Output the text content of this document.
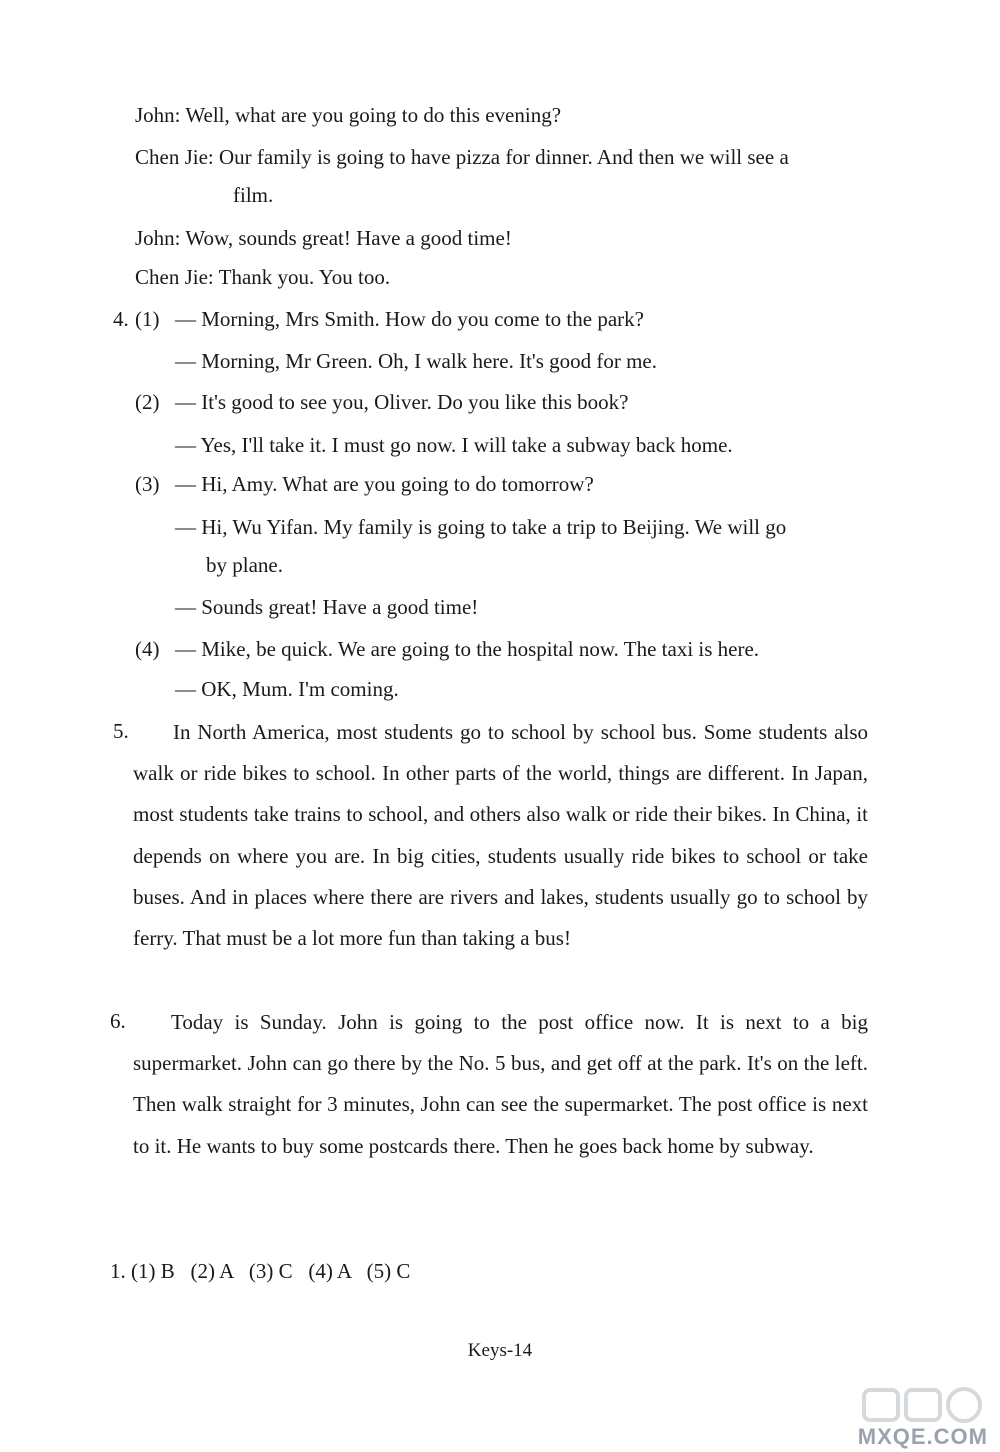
John: Well, what are you going to do this evening?
Chen Jie: Our family is going to have pizza for dinner. And then we will see a
film.
John: Wow, sounds great! Have a good time!
Chen Jie: Thank you. You too.
4. (1) — Morning, Mrs Smith. How do you come to the park?
— Morning, Mr Green. Oh, I walk here. It's good for me.
(2) — It's good to see you, Oliver. Do you like this book?
— Yes, I'll take it. I must go now. I will take a subway back home.
(3) — Hi, Amy. What are you going to do tomorrow?
— Hi, Wu Yifan. My family is going to take a trip to Beijing. We will go
by plane.
— Sounds great! Have a good time!
(4) — Mike, be quick. We are going to the hospital now. The taxi is here.
— OK, Mum. I'm coming.
5.	In North America, most students go to school by school bus. Some students also walk or ride bikes to school. In other parts of the world, things are different. In Japan, most students take trains to school, and others also walk or ride their bikes. In China, it depends on where you are. In big cities, students usually ride bikes to school or take buses. And in places where there are rivers and lakes, students usually go to school by ferry. That must be a lot more fun than taking a bus!
6.	Today is Sunday. John is going to the post office now. It is next to a big supermarket. John can go there by the No. 5 bus, and get off at the park. It's on the left. Then walk straight for 3 minutes, John can see the supermarket. The post office is next to it. He wants to buy some postcards there. Then he goes back home by subway.
1. (1) B   (2) A   (3) C   (4) A   (5) C
Keys-14
MXQE.COM
